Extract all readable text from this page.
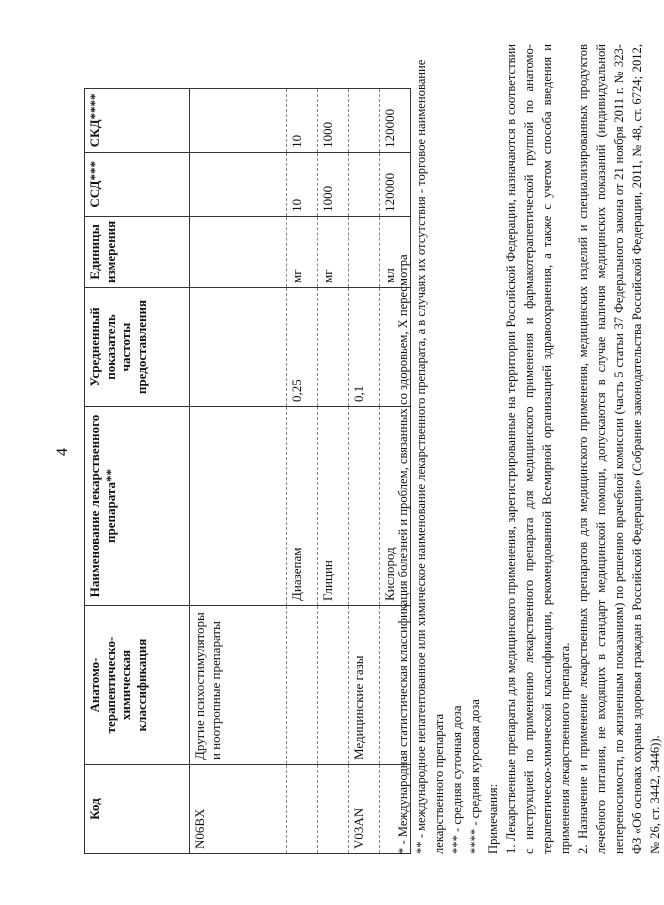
4
Код	Анатомо-терапевтическо-химическая классификация	Наименование лекарственного препарата**	Усредненный показатель частоты предоставления	Единицы измерения	ССД***	СКД****
N06BX	Другие психостимуляторы и ноотропные препараты					
		Диазепам	0,25	мг	10	10
		Глицин		мг	1000	1000
V03AN	Медицинские газы		0,1			
		Кислород		мл	120000	120000

* - Международная статистическая классификация болезней и проблем, связанных со здоровьем, X пересмотра ** - международное непатентованное или химическое наименование лекарственного препарата, а в случаях их отсутствия - торговое наименование лекарственного препарата *** - средняя суточная доза **** - средняя курсовая доза Примечания: 1. Лекарственные препараты для медицинского применения, зарегистрированные на территории Российской Федерации, назначаются в соответствии с инструкцией по применению лекарственного препарата для медицинского применения и фармакотерапевтической группой по анатомо-терапевтическо-химической классификации, рекомендованной Всемирной организацией здравоохранения, а также с учетом способа введения и применения лекарственного препарата. 2. Назначение и применение лекарственных препаратов для медицинского применения, медицинских изделий и специализированных продуктов лечебного питания, не входящих в стандарт медицинской помощи, допускаются в случае наличия медицинских показаний (индивидуальной непереносимости, по жизненным показаниям) по решению врачебной комиссии (часть 5 статьи 37 Федерального закона от 21 ноября 2011 г. № 323-ФЗ «Об основах охраны здоровья граждан в Российской Федерации» (Собрание законодательства Российской Федерации, 2011, № 48, ст. 6724; 2012, № 26, ст. 3442, 3446)).
